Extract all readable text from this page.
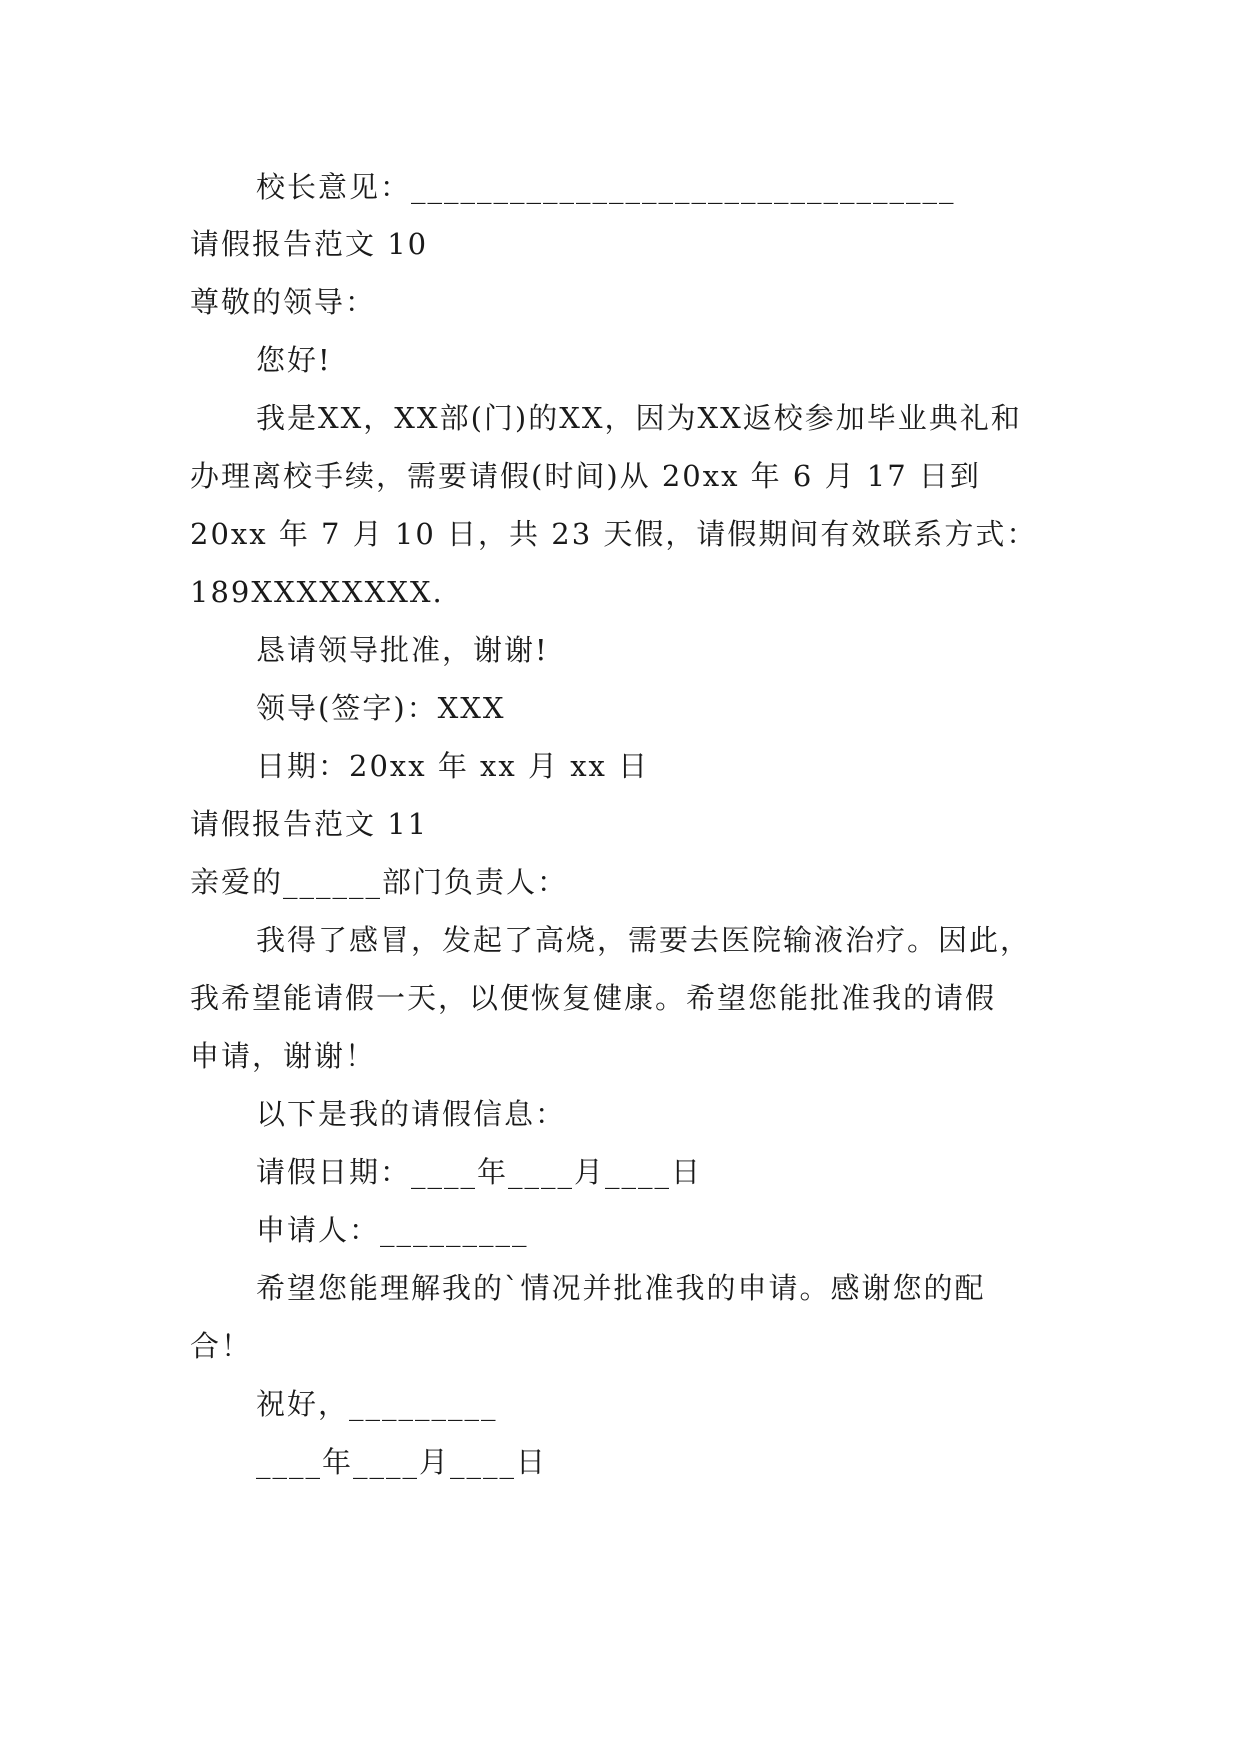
校长意见：_________________________________
请假报告范文 10
尊敬的领导：
您好!
我是XX，XX部(门)的XX，因为XX返校参加毕业典礼和
办理离校手续，需要请假(时间)从 20xx 年 6 月 17 日到
20xx 年 7 月 10 日，共 23 天假，请假期间有效联系方式：
189XXXXXXXX.
恳请领导批准，谢谢!
领导(签字)：XXX
日期：20xx 年 xx 月 xx 日
请假报告范文 11
亲爱的______部门负责人：
我得了感冒，发起了高烧，需要去医院输液治疗。因此，
我希望能请假一天，以便恢复健康。希望您能批准我的请假
申请，谢谢！
以下是我的请假信息：
请假日期：____年____月____日
申请人：_________
希望您能理解我的`情况并批准我的申请。感谢您的配
合！
祝好，_________
____年____月____日
